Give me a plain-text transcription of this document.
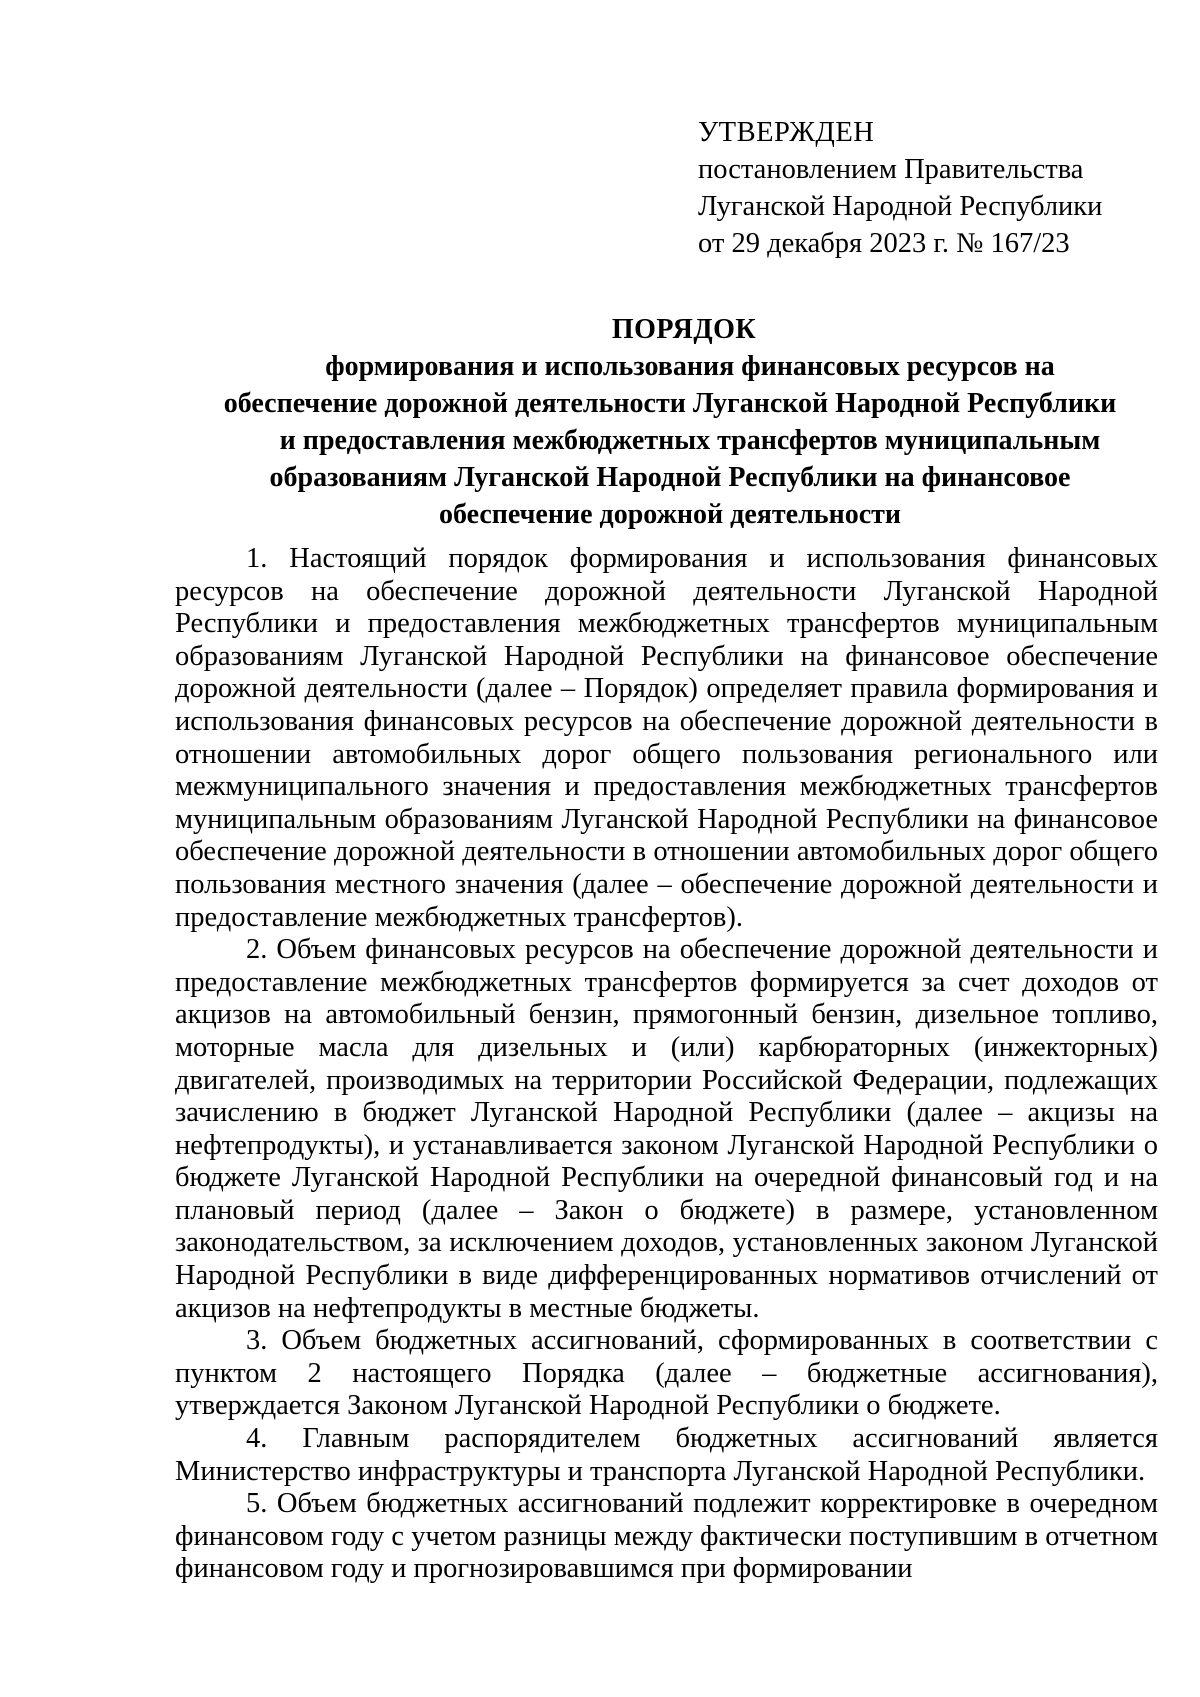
УТВЕРЖДЕН
постановлением Правительства
Луганской Народной Республики
от 29 декабря 2023 г. № 167/23
ПОРЯДОК
формирования и использования финансовых ресурсов на
обеспечение дорожной деятельности Луганской Народной Республики
и предоставления межбюджетных трансфертов муниципальным
образованиям Луганской Народной Республики на финансовое
обеспечение дорожной деятельности

1. Настоящий порядок формирования и использования финансовых ресурсов на обеспечение дорожной деятельности Луганской Народной Республики и предоставления межбюджетных трансфертов муниципальным образованиям Луганской Народной Республики на финансовое обеспечение дорожной деятельности (далее – Порядок) определяет правила формирования и использования финансовых ресурсов на обеспечение дорожной деятельности в отношении автомобильных дорог общего пользования регионального или межмуниципального значения и предоставления межбюджетных трансфертов муниципальным образованиям Луганской Народной Республики на финансовое обеспечение дорожной деятельности в отношении автомобильных дорог общего пользования местного значения (далее – обеспечение дорожной деятельности и предоставление межбюджетных трансфертов).

2. Объем финансовых ресурсов на обеспечение дорожной деятельности и предоставление межбюджетных трансфертов формируется за счет доходов от акцизов на автомобильный бензин, прямогонный бензин, дизельное топливо, моторные масла для дизельных и (или) карбюраторных (инжекторных) двигателей, производимых на территории Российской Федерации, подлежащих зачислению в бюджет Луганской Народной Республики (далее – акцизы на нефтепродукты), и устанавливается законом Луганской Народной Республики о бюджете Луганской Народной Республики на очередной финансовый год и на плановый период (далее – Закон о бюджете) в размере, установленном законодательством, за исключением доходов, установленных законом Луганской Народной Республики в виде дифференцированных нормативов отчислений от акцизов на нефтепродукты в местные бюджеты.

3. Объем бюджетных ассигнований, сформированных в соответствии с пунктом 2 настоящего Порядка (далее – бюджетные ассигнования), утверждается Законом Луганской Народной Республики о бюджете.

4. Главным распорядителем бюджетных ассигнований является Министерство инфраструктуры и транспорта Луганской Народной Республики.

5. Объем бюджетных ассигнований подлежит корректировке в очередном финансовом году с учетом разницы между фактически поступившим в отчетном финансовом году и прогнозировавшимся при формировании
